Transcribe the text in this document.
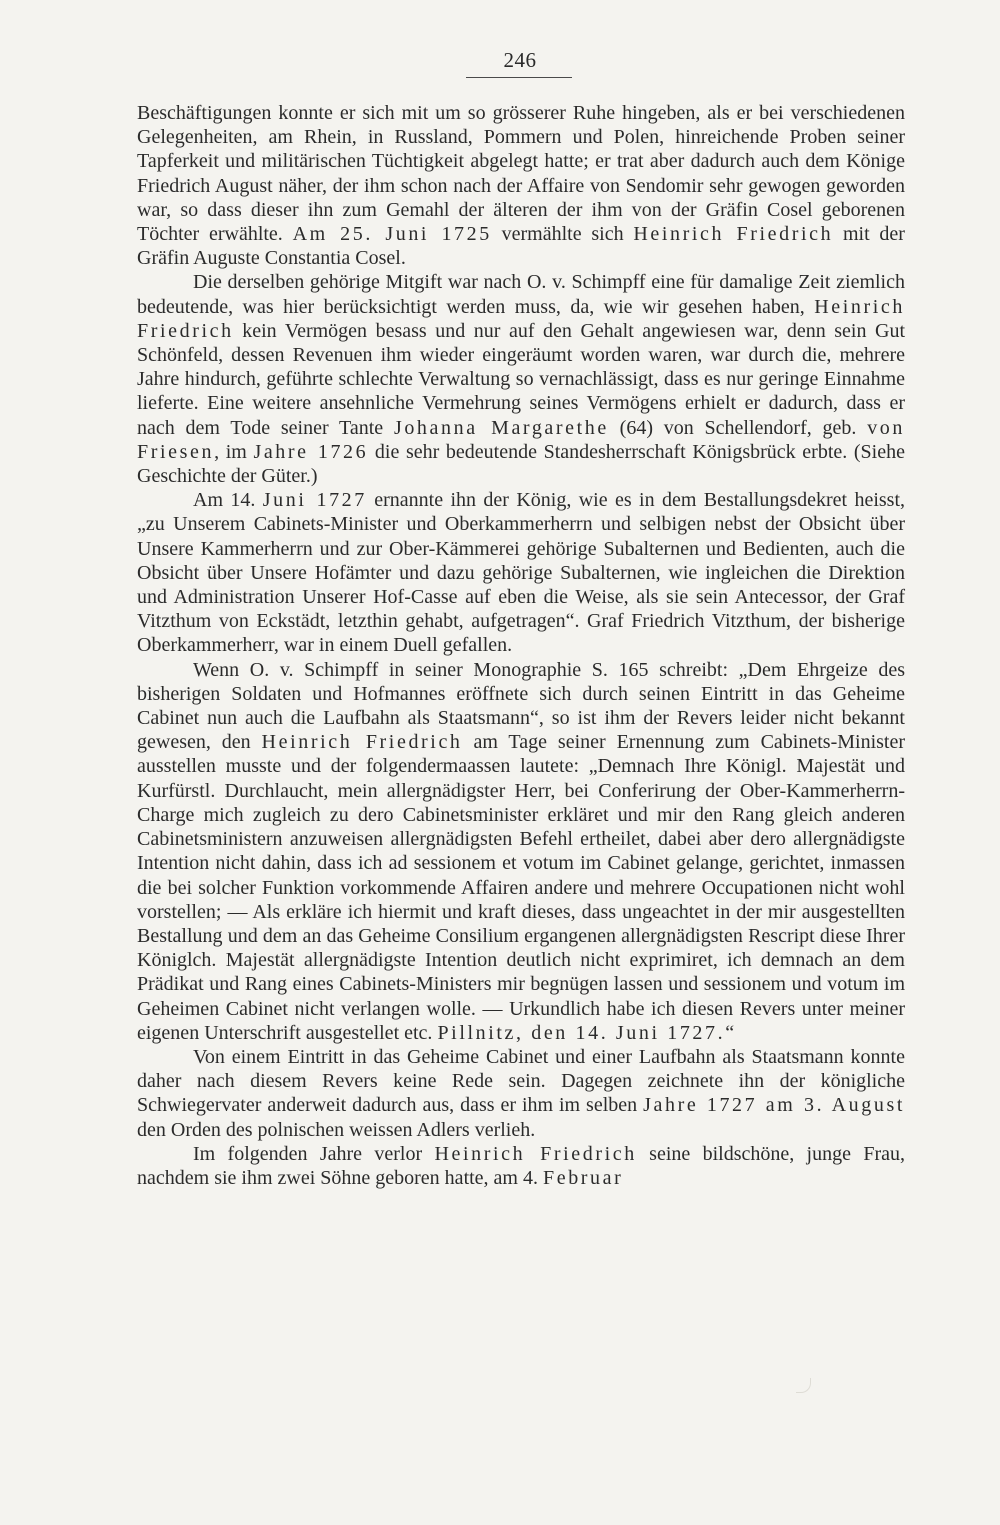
246

Beschäftigungen konnte er sich mit um so grösserer Ruhe hingeben, als er bei verschiedenen Gelegenheiten, am Rhein, in Russland, Pommern und Polen, hinreichende Proben seiner Tapferkeit und militärischen Tüchtigkeit abgelegt hatte; er trat aber dadurch auch dem Könige Friedrich August näher, der ihm schon nach der Affaire von Sendomir sehr gewogen geworden war, so dass dieser ihn zum Gemahl der älteren der ihm von der Gräfin Cosel geborenen Töchter erwählte. Am 25. Juni 1725 vermählte sich Heinrich Friedrich mit der Gräfin Auguste Constantia Cosel.

Die derselben gehörige Mitgift war nach O. v. Schimpff eine für damalige Zeit ziemlich bedeutende, was hier berücksichtigt werden muss, da, wie wir gesehen haben, Heinrich Friedrich kein Vermögen besass und nur auf den Gehalt angewiesen war, denn sein Gut Schönfeld, dessen Revenuen ihm wieder eingeräumt worden waren, war durch die, mehrere Jahre hindurch, geführte schlechte Verwaltung so vernachlässigt, dass es nur geringe Einnahme lieferte. Eine weitere ansehnliche Vermehrung seines Vermögens erhielt er dadurch, dass er nach dem Tode seiner Tante Johanna Margarethe (64) von Schellendorf, geb. von Friesen, im Jahre 1726 die sehr bedeutende Standesherrschaft Königsbrück erbte. (Siehe Geschichte der Güter.)

Am 14. Juni 1727 ernannte ihn der König, wie es in dem Bestallungsdekret heisst, „zu Unserem Cabinets-Minister und Oberkammerherrn und selbigen nebst der Obsicht über Unsere Kammerherrn und zur Ober-Kämmerei gehörige Subalternen und Bedienten, auch die Obsicht über Unsere Hofämter und dazu gehörige Subalternen, wie ingleichen die Direktion und Administration Unserer Hof-Casse auf eben die Weise, als sie sein Antecessor, der Graf Vitzthum von Eckstädt, letzthin gehabt, aufgetragen“. Graf Friedrich Vitzthum, der bisherige Oberkammerherr, war in einem Duell gefallen.

Wenn O. v. Schimpff in seiner Monographie S. 165 schreibt: „Dem Ehrgeize des bisherigen Soldaten und Hofmannes eröffnete sich durch seinen Eintritt in das Geheime Cabinet nun auch die Laufbahn als Staatsmann“, so ist ihm der Revers leider nicht bekannt gewesen, den Heinrich Friedrich am Tage seiner Ernennung zum Cabinets-Minister ausstellen musste und der folgendermaassen lautete: „Demnach Ihre Königl. Majestät und Kurfürstl. Durchlaucht, mein allergnädigster Herr, bei Conferirung der Ober-Kammerherrn-Charge mich zugleich zu dero Cabinetsminister erkläret und mir den Rang gleich anderen Cabinetsministern anzuweisen allergnädigsten Befehl ertheilet, dabei aber dero allergnädigste Intention nicht dahin, dass ich ad sessionem et votum im Cabinet gelange, gerichtet, inmassen die bei solcher Funktion vorkommende Affairen andere und mehrere Occupationen nicht wohl vorstellen; — Als erkläre ich hiermit und kraft dieses, dass ungeachtet in der mir ausgestellten Bestallung und dem an das Geheime Consilium ergangenen allergnädigsten Rescript diese Ihrer Königlch. Majestät allergnädigste Intention deutlich nicht exprimiret, ich demnach an dem Prädikat und Rang eines Cabinets-Ministers mir begnügen lassen und sessionem und votum im Geheimen Cabinet nicht verlangen wolle. — Urkundlich habe ich diesen Revers unter meiner eigenen Unterschrift ausgestellet etc. Pillnitz, den 14. Juni 1727.“

Von einem Eintritt in das Geheime Cabinet und einer Laufbahn als Staatsmann konnte daher nach diesem Revers keine Rede sein. Dagegen zeichnete ihn der königliche Schwiegervater anderweit dadurch aus, dass er ihm im selben Jahre 1727 am 3. August den Orden des polnischen weissen Adlers verlieh.

Im folgenden Jahre verlor Heinrich Friedrich seine bildschöne, junge Frau, nachdem sie ihm zwei Söhne geboren hatte, am 4. Februar
